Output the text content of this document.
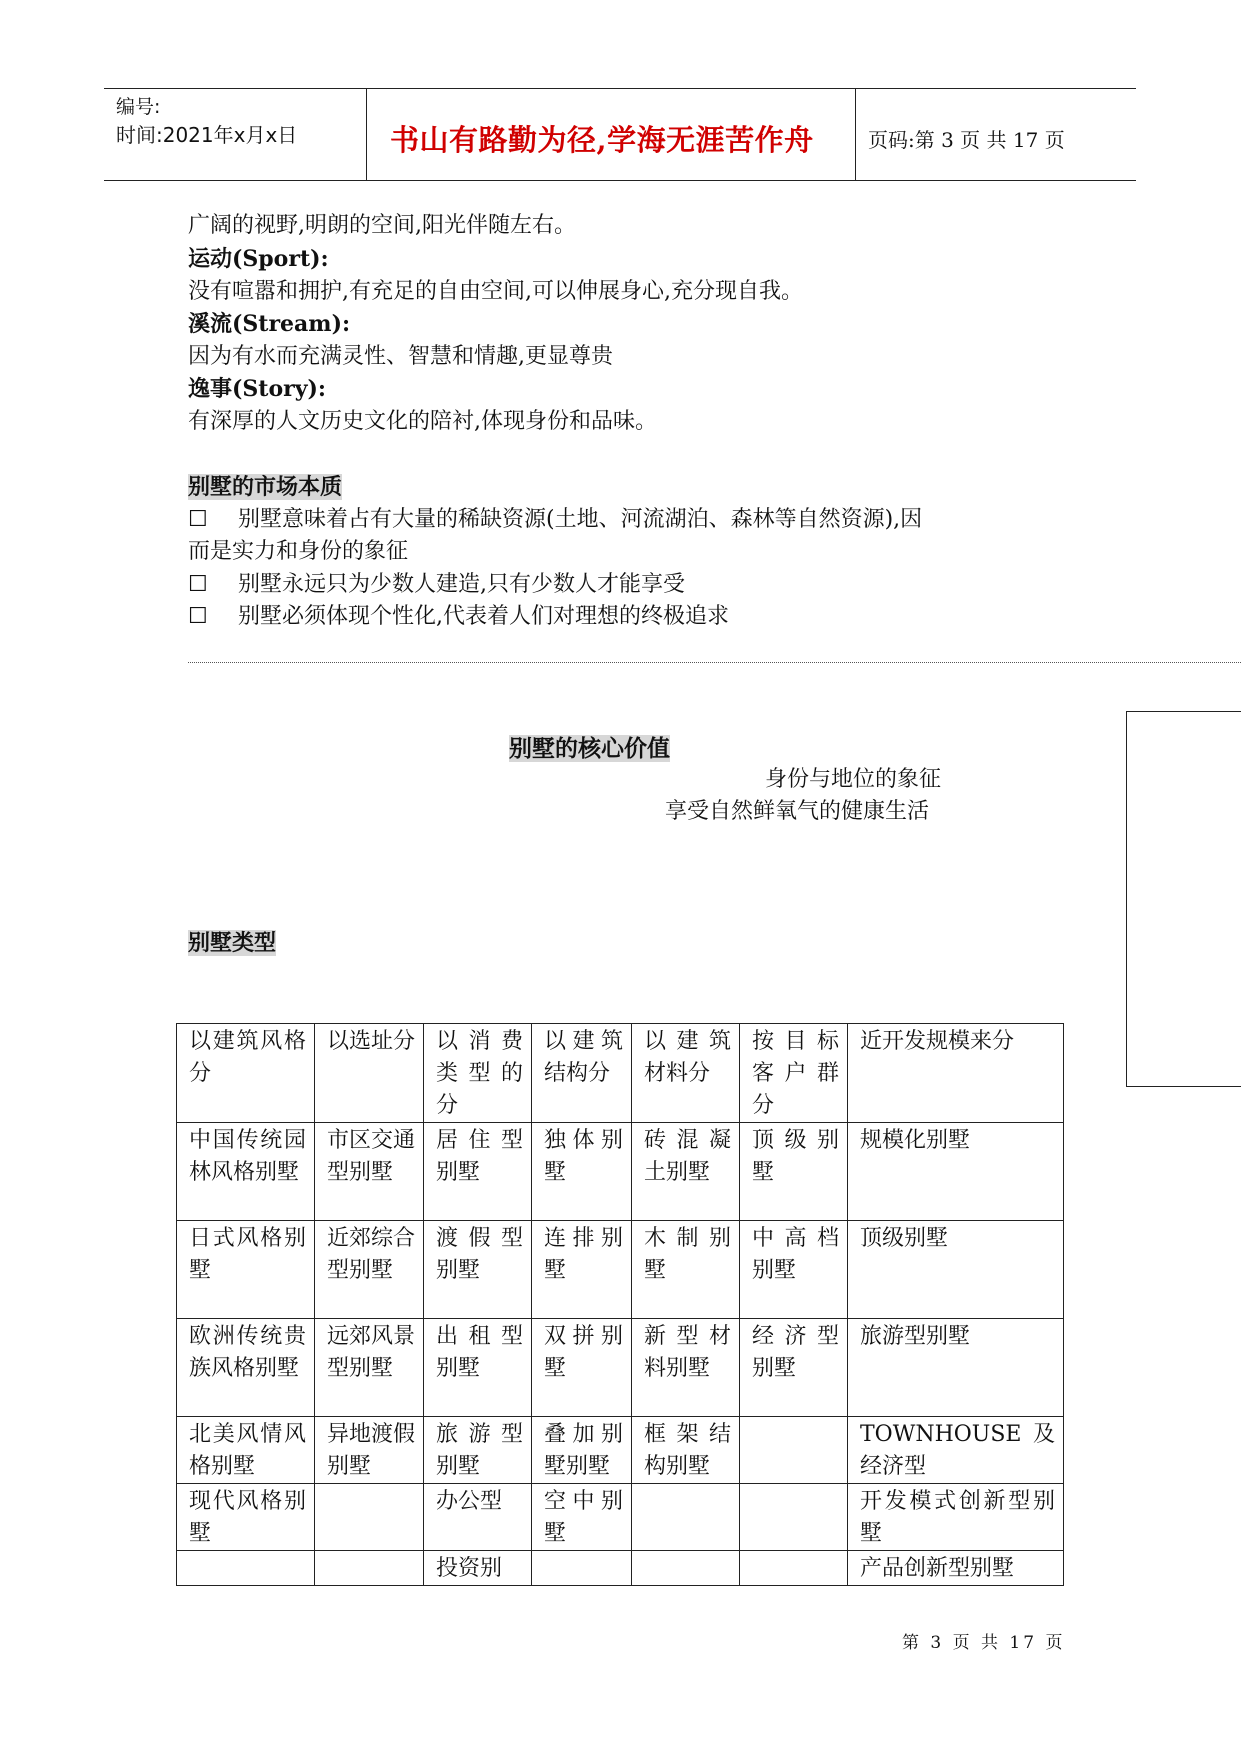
编号:
时间:2021年x月x日	书山有路勤为径,学海无涯苦作舟	页码:第 3 页 共 17 页
广阔的视野,明朗的空间,阳光伴随左右。
运动(Sport):
没有喧嚣和拥护,有充足的自由空间,可以伸展身心,充分现自我。
溪流(Stream):
因为有水而充满灵性、智慧和情趣,更显尊贵
逸事(Story):
有深厚的人文历史文化的陪衬,体现身份和品味。
别墅的市场本质
☐ 别墅意味着占有大量的稀缺资源(土地、河流湖泊、森林等自然资源),因
而是实力和身份的象征
☐ 别墅永远只为少数人建造,只有少数人才能享受
☐ 别墅必须体现个性化,代表着人们对理想的终极追求
别墅的核心价值
身份与地位的象征
享受自然鲜氧气的健康生活
别墅类型
以建筑风格分	以选址分	以消费类型的分	以建筑结构分	以建筑材料分	按目标客户群分	近开发规模来分
中国传统园林风格别墅	市区交通型别墅	居住型别墅	独体别墅	砖混凝土别墅	顶级别墅	规模化别墅
日式风格别墅	近郊综合型别墅	渡假型别墅	连排别墅	木制别墅	中高档别墅	顶级别墅
欧洲传统贵族风格别墅	远郊风景型别墅	出租型别墅	双拼别墅	新型材料别墅	经济型别墅	旅游型别墅
北美风情风格别墅	异地渡假别墅	旅游型别墅	叠加别墅别墅	框架结构别墅		TOWNHOUSE 及经济型
现代风格别墅		办公型	空中别墅			开发模式创新型别墅
		投资别				产品创新型别墅
第 3 页 共 17 页
